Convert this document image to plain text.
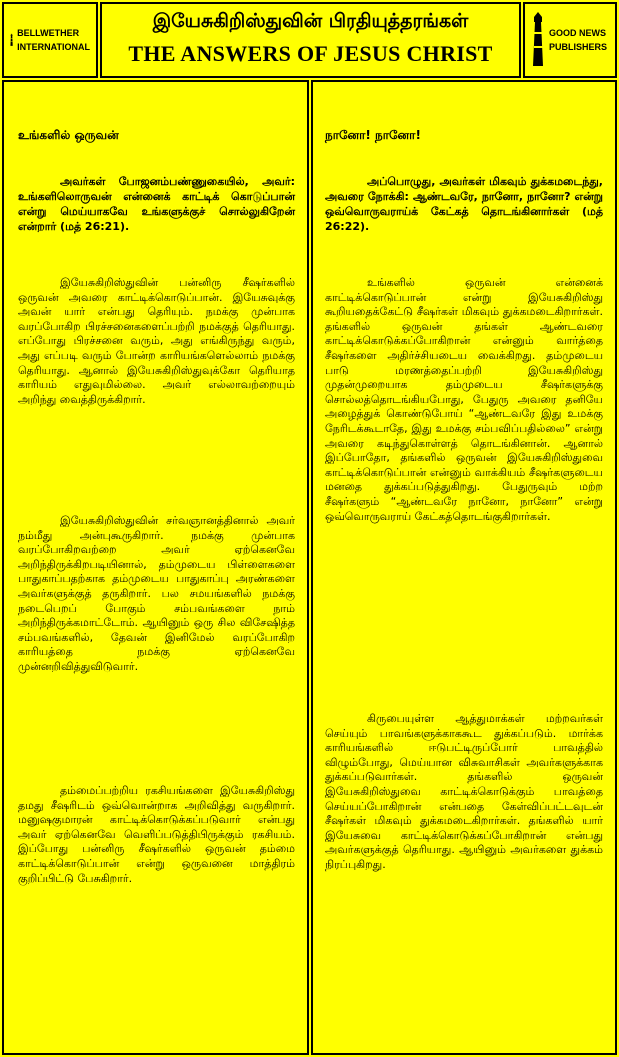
BELLWETHER
INTERNATIONAL
இயேசுகிறிஸ்துவின் பிரதியுத்தரங்கள்
THE ANSWERS OF JESUS CHRIST
GOOD NEWS
PUBLISHERS
உங்களில் ஒருவன்
அவர்கள் போஜனம்பண்ணுகையில், அவர்: உங்களிலொருவன் என்னைக் காட்டிக் கொடுப்பான் என்று மெய்யாகவே உங்களுக்குச் சொல்லுகிறேன் என்றார் (மத் 26:21).
இயேசுகிறிஸ்துவின் பன்னிரு சீஷர்களில் ஒருவன் அவரை காட்டிக்கொடுப்பான். இயேசுவுக்கு அவன் யார் என்பது தெரியும். நமக்கு முன்பாக வரப்போகிற பிரச்சனைகளைப்பற்றி நமக்குத் தெரியாது. எப்போது பிரச்சனை வரும், அது எங்கிருந்து வரும், அது எப்படி வரும் போன்ற காரியங்களெல்லாம் நமக்கு தெரியாது. ஆனால் இயேசுகிறிஸ்துவுக்கோ தெரியாத காரியம் எதுவுமில்லை. அவர் எல்லாவற்றையும் அறிந்து வைத்திருக்கிறார்.
இயேசுகிறிஸ்துவின் சர்வஞானத்தினால் அவர் நம்மீது அன்புகூருகிறார். நமக்கு முன்பாக வரப்போகிறவற்றை அவர் ஏற்கெனவே அறிந்திருக்கிறபடியினால், தம்முடைய பிள்ளைகளை பாதுகாப்பதற்காக தம்முடைய பாதுகாப்பு அரண்களை அவர்களுக்குத் தருகிறார். பல சமயங்களில் நமக்கு நடைபெறப் போகும் சம்பவங்களை நாம் அறிந்திருக்கமாட்டோம். ஆயினும் ஒரு சில விசேஷித்த சம்பவங்களில், தேவன் இனிமேல் வரப்போகிற காரியத்தை நமக்கு ஏற்கெனவே முன்னறிவித்துவிடுவார்.
தம்மைப்பற்றிய ரகசியங்களை இயேசுகிறிஸ்து தமது சீஷரிடம் ஒவ்வொன்றாக அறிவித்து வருகிறார். மனுஷகுமாரன் காட்டிக்கொடுக்கப்படுவார் என்பது அவர் ஏற்கெனவே வெளிப்படுத்திபிருக்கும் ரகசியம். இப்போது பன்னிரு சீஷர்களில் ஒருவன் தம்மை காட்டிக்கொடுப்பான் என்று ஒருவனை மாத்திரம் குறிப்பிட்டு பேசுகிறார்.
நானோ! நானோ!
அப்பொழுது, அவர்கள் மிகவும் துக்கமடைந்து, அவரை நோக்கி: ஆண்டவரே, நானோ, நானோ? என்று ஒவ்வொருவராய்க் கேட்கத் தொடங்கினார்கள் (மத் 26:22).
உங்களில் ஒருவன் என்னைக் காட்டிக்கொடுப்பான் என்று இயேசுகிறிஸ்து கூறியதைக்கேட்டு சீஷர்கள் மிகவும் துக்கமடைகிறார்கள். தங்களில் ஒருவன் தங்கள் ஆண்டவரை காட்டிக்கொடுக்கப்போகிறான் என்னும் வார்த்தை சீஷர்களை அதிர்ச்சியடைய வைக்கிறது. தம்முடைய பாடு மரணத்தைப்பற்றி இயேசுகிறிஸ்து முதன்முறையாக தம்முடைய சீஷர்களுக்கு சொல்லத்தொடங்கியபோது, பேதுரு அவரை தனியே அழைத்துக் கொண்டுபோய் “ஆண்டவரே இது உமக்கு நேரிடக்கூடாதே, இது உமக்கு சம்பவிப்பதில்லை” என்று அவரை கடிந்துகொள்ளத் தொடங்கினான். ஆனால் இப்போதோ, தங்களில் ஒருவன் இயேசுகிறிஸ்துவை காட்டிக்கொடுப்பான் என்னும் வாக்கியம் சீஷர்களுடைய மனதை துக்கப்படுத்துகிறது. பேதுருவும் மற்ற சீஷர்களும் “ஆண்டவரே நானோ, நானோ” என்று ஒவ்வொருவராய் கேட்கத்தொடங்குகிறார்கள்.
கிருபையுள்ள ஆத்துமாக்கள் மற்றவர்கள் செய்யும் பாவங்களுக்காககூட துக்கப்படும். மார்க்க காரியங்களில் ஈடுபட்டிருப்போர் பாவத்தில் விழும்போது, மெய்யான விசுவாசிகள் அவர்களுக்காக துக்கப்படுவார்கள். தங்களில் ஒருவன் இயேசுகிறிஸ்துவை காட்டிக்கொடுக்கும் பாவத்தை செய்யப்போகிறான் என்பதை கேள்விப்பட்டவுடன் சீஷர்கள் மிகவும் துக்கமடைகிறார்கள். தங்களில் யார் இயேசுவை காட்டிக்கொடுக்கப்போகிறான் என்பது அவர்களுக்குத் தெரியாது. ஆயினும் அவர்களை துக்கம் நிரப்புகிறது.
